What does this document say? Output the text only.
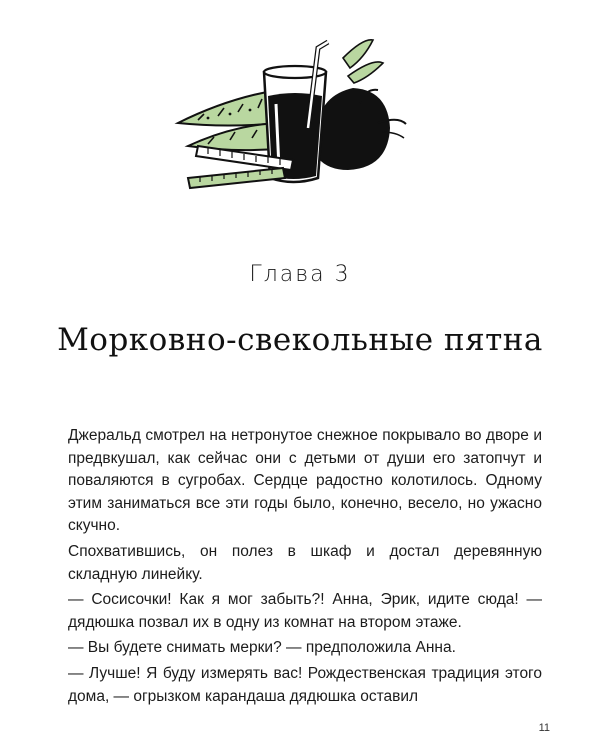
Глава 3
Морковно-свекольные пятна

Джеральд смотрел на нетронутое снежное покрывало во дворе и предвкушал, как сейчас они с детьми от души его затопчут и поваляются в сугробах. Сердце радостно колотилось. Одному этим заниматься все эти годы было, конечно, весело, но ужасно скучно.

Спохватившись, он полез в шкаф и достал деревянную складную линейку.

— Сосисочки! Как я мог забыть?! Анна, Эрик, идите сюда! — дядюшка позвал их в одну из комнат на втором этаже.

— Вы будете снимать мерки? — предположила Анна.

— Лучше! Я буду измерять вас! Рождественская традиция этого дома, — огрызком карандаша дядюшка оставил

11
